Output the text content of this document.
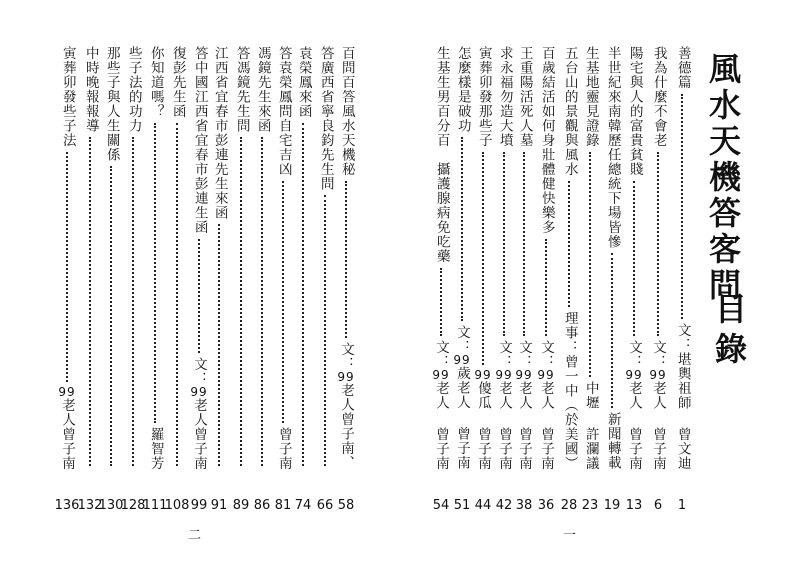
風水天機答客問
目錄
善德篇
文：堪輿祖師 曾文迪
1
我為什麼不會老
文：99老人 曾子南
6
陽宅與人的富貴貧賤
文：99老人 曾子南
13
半世紀來南韓歷任總統下場皆慘
新聞轉載
19
生基地靈見證錄
中壢 許瀾議
23
五台山的景觀與風水
理事：曾一中（於美國）
28
百歲結活如何身壯體健快樂多
文：99老人 曾子南
36
王重陽活死人墓
文：99老人 曾子南
38
求永福勿造大墳
文：99老人 曾子南
42
寅葬卯發那些子
99傻瓜 曾子南
44
怎麼樣是破功
文：99歲老人 曾子南
51
生基生男百分百　攝護腺病免吃藥
文：99老人 曾子南
54
百問百答風水天機秘
文：99老人曾子南、
58
答廣西省寧良鈞先生問
66
袁榮鳳來函
74
答袁榮鳳問自宅吉凶
曾子南
81
馮鏡先生來函
86
答馮鏡先生問
89
江西省宜春市彭連先生來函
91
答中國江西省宜春市彭連生函
文：99老人曾子南
99
復彭先生函
108
你知道嗎？
羅智芳
111
些子法的功力
128
那些子與人生關係
130
中時晚報報導
132
寅葬卯發些子法
99老人曾子南
136
一
二
